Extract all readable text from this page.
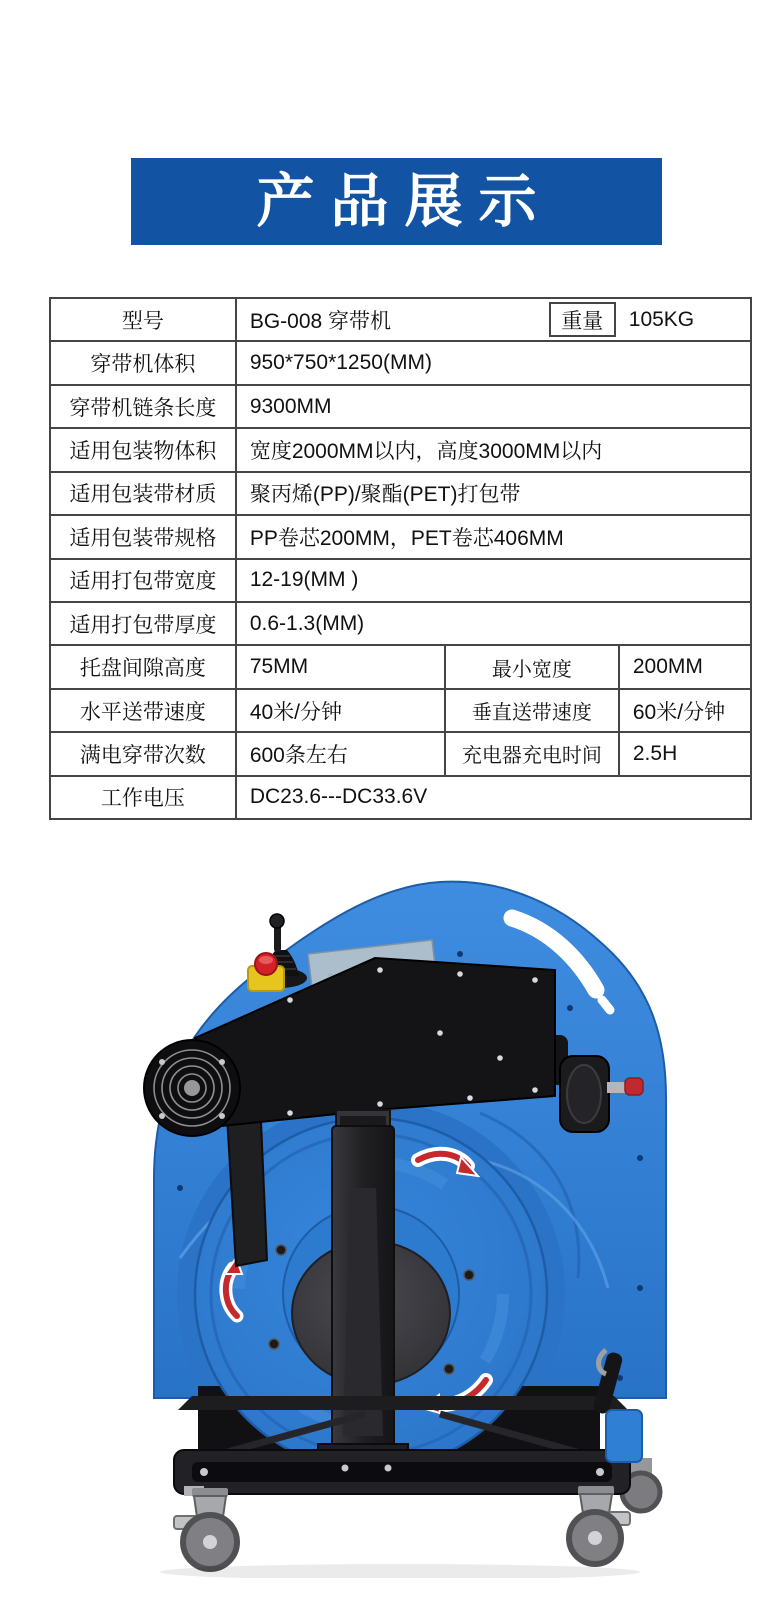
产品展示
型号	BG-008 穿带机	重量	105KG
穿带机体积	950*750*1250(MM)
穿带机链条长度	9300MM
适用包装物体积	宽度2000MM以内，高度3000MM以内
适用包装带材质	聚丙烯(PP)/聚酯(PET)打包带
适用包装带规格	PP卷芯200MM，PET卷芯406MM
适用打包带宽度	12-19(MM )
适用打包带厚度	0.6-1.3(MM)
托盘间隙高度	75MM	最小宽度	200MM
水平送带速度	40米/分钟	垂直送带速度	60米/分钟
满电穿带次数	600条左右	充电器充电时间	2.5H
工作电压	DC23.6---DC33.6V
